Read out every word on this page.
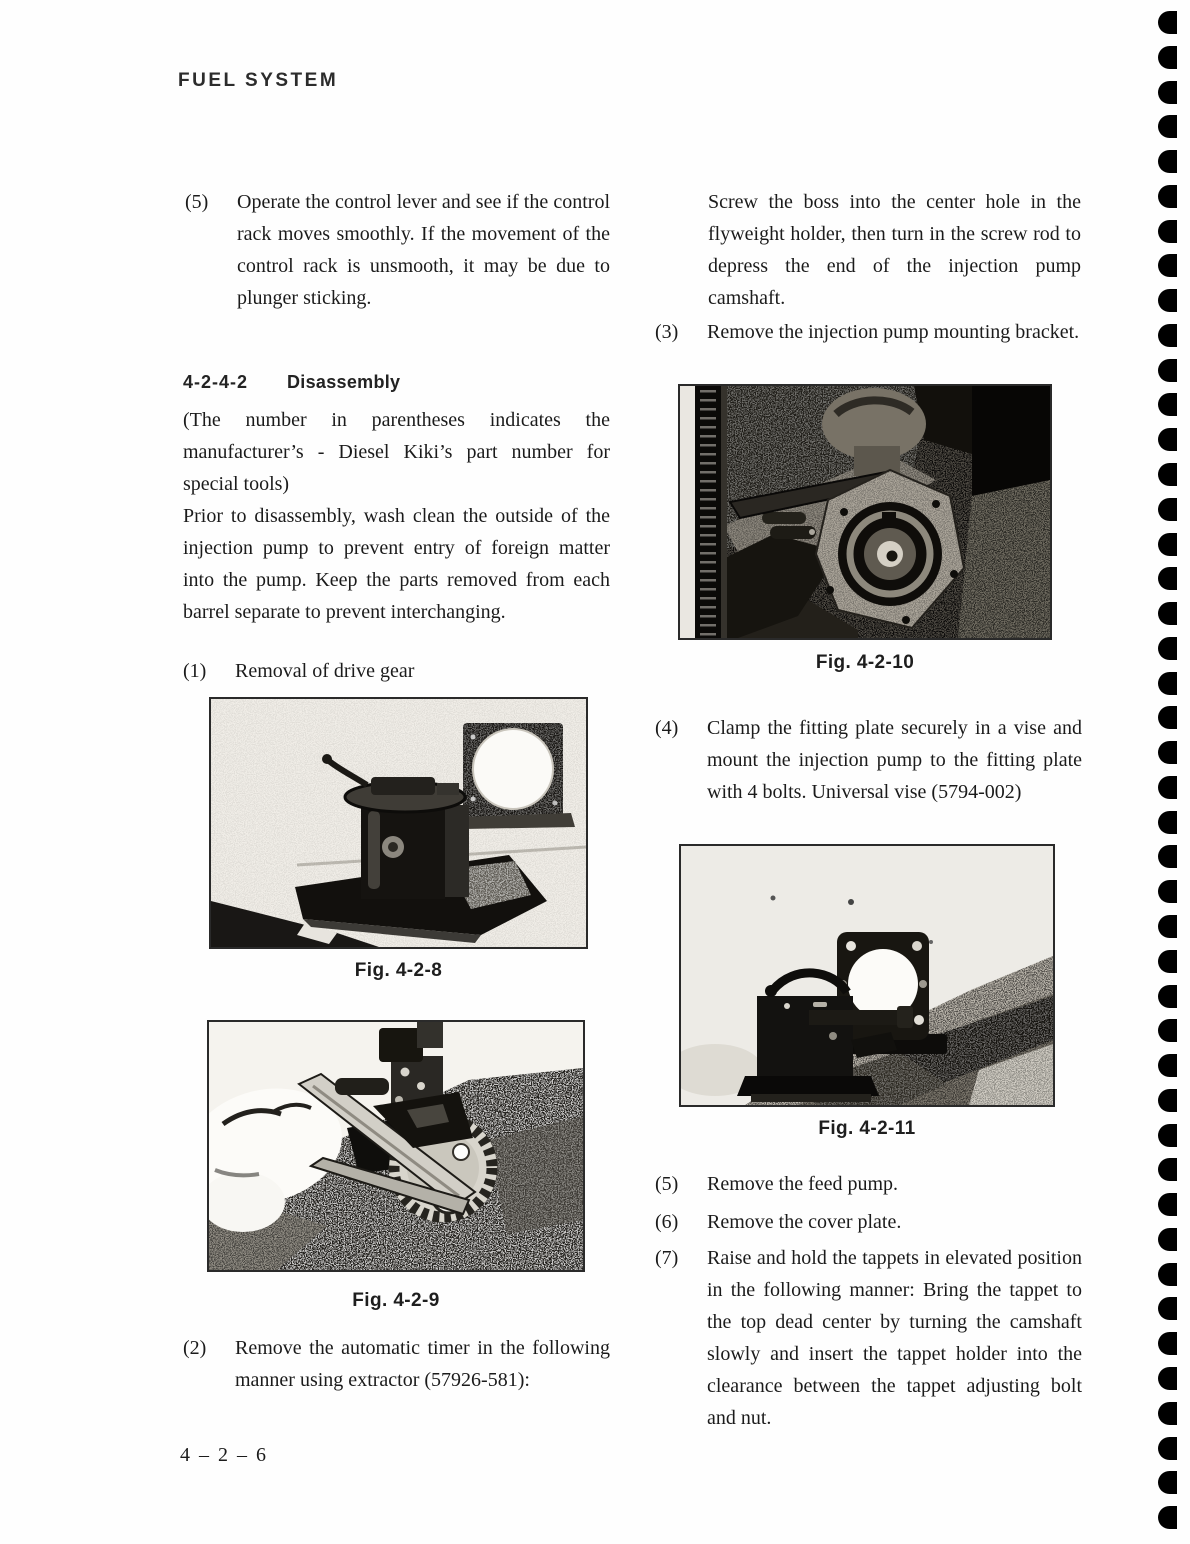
FUEL SYSTEM
(5)	Operate the control lever and see if the control rack moves smoothly. If the movement of the control rack is unsmooth, it may be due to plunger sticking.
4-2-4-2 Disassembly
(The number in parentheses indicates the manufacturer’s - Diesel Kiki’s part number for special tools)
Prior to disassembly, wash clean the outside of the injection pump to prevent entry of foreign matter into the pump. Keep the parts removed from each barrel separate to prevent interchanging.
(1)	Removal of drive gear
Fig. 4-2-8
Fig. 4-2-9
(2)	Remove the automatic timer in the following manner using extractor (57926-581):
4 – 2 – 6
Screw the boss into the center hole in the flyweight holder, then turn in the screw rod to depress the end of the injection pump camshaft.
(3)	Remove the injection pump mounting bracket.
Fig. 4-2-10
(4)	Clamp the fitting plate securely in a vise and mount the injection pump to the fitting plate with 4 bolts. Universal vise (5794-002)
Fig. 4-2-11
(5)	Remove the feed pump.
(6)	Remove the cover plate.
(7)	Raise and hold the tappets in elevated position in the following manner: Bring the tappet to the top dead center by turning the camshaft slowly and insert the tappet holder into the clearance between the tappet adjusting bolt and nut.
